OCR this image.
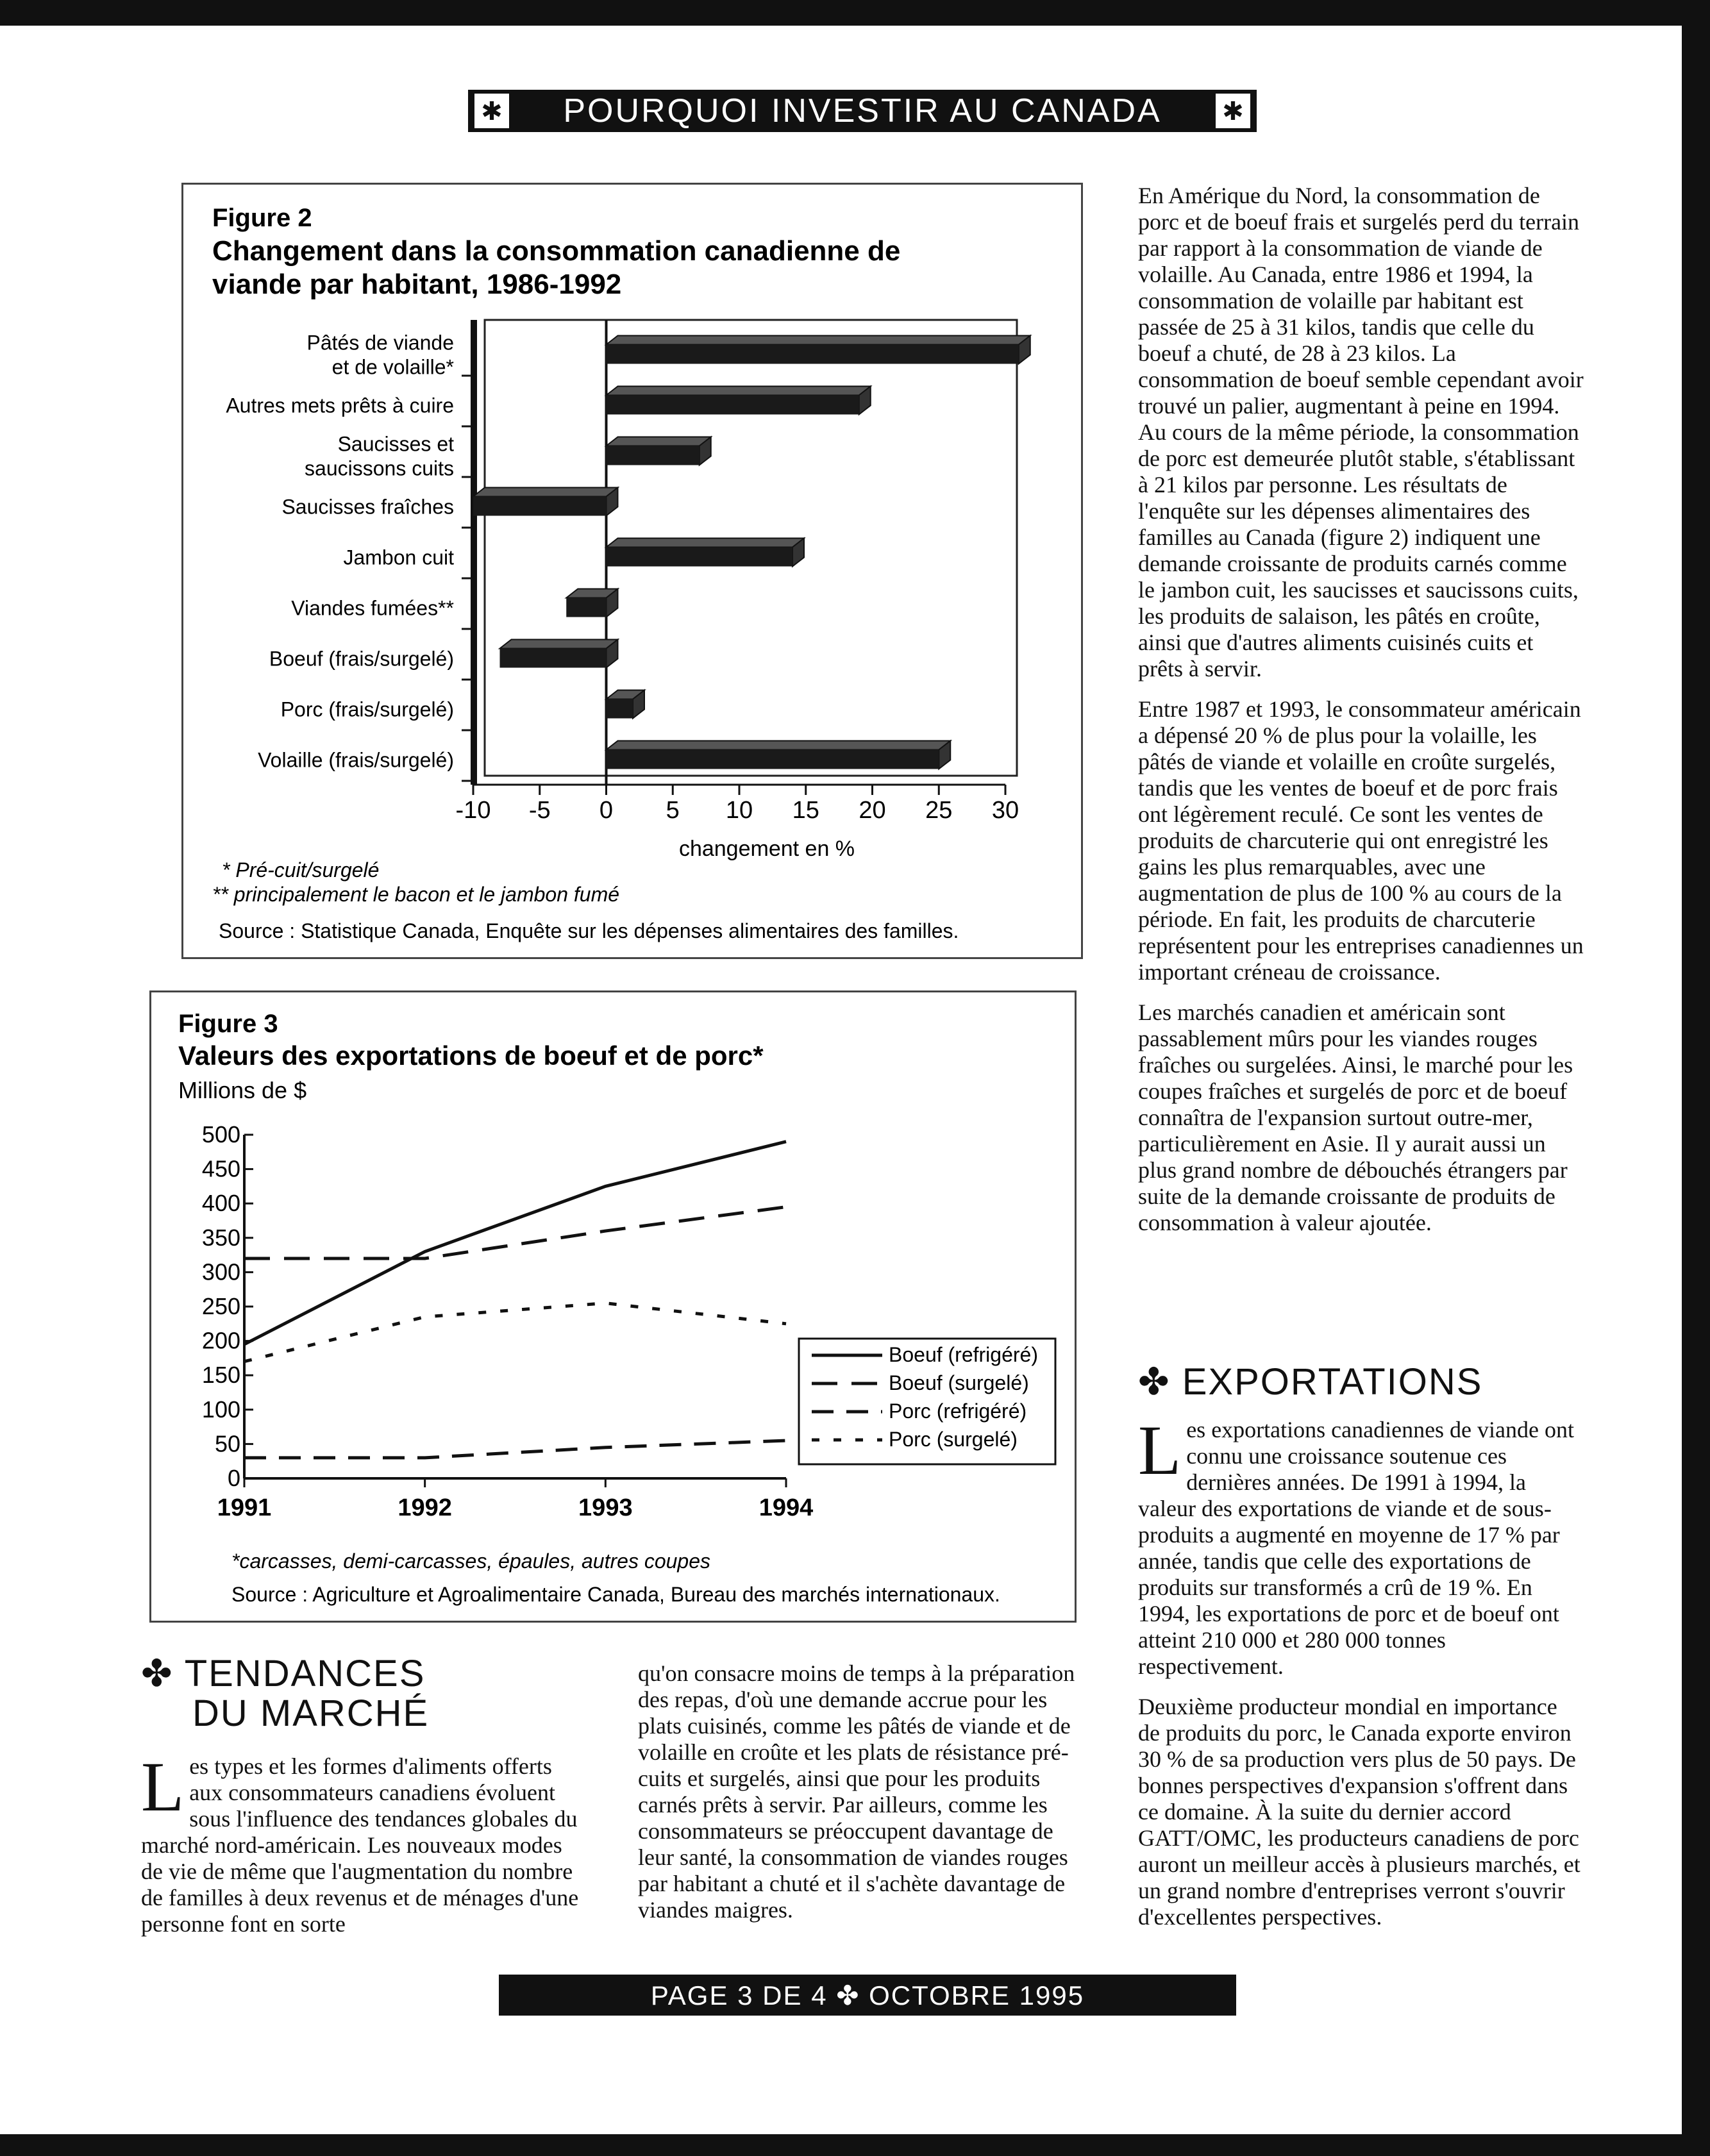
✱
POURQUOI INVESTIR AU CANADA
✱
Figure 2
Changement dans la consommation canadienne de
viande par habitant, 1986-1992
-10 -5 0 5 10 15 20 25 30
Pâtés de viande
et de volaille*
Autres mets prêts à cuire
Saucisses et
saucissons cuits
Saucisses fraîches
Jambon cuit
Viandes fumées**
Boeuf (frais/surgelé)
Porc (frais/surgelé)
Volaille (frais/surgelé)
changement en %
* Pré-cuit/surgelé
** principalement le bacon et le jambon fumé
Source : Statistique Canada, Enquête sur les dépenses alimentaires des familles.
Figure 3
Valeurs des exportations de boeuf et de porc*
Millions de $
500
450
400
350
300
250
200
150
100
50
0
1991	1992	1993	1994
Boeuf (refrigéré)
Boeuf (surgelé)
Porc (refrigéré)
Porc (surgelé)
*carcasses, demi-carcasses, épaules, autres coupes
Source : Agriculture et Agroalimentaire Canada, Bureau des marchés internationaux.

En Amérique du Nord, la consommation de porc et de boeuf frais et surgelés perd du terrain par rapport à la consommation de viande de volaille. Au Canada, entre 1986 et 1994, la consommation de volaille par habitant est passée de 25 à 31 kilos, tandis que celle du boeuf a chuté, de 28 à 23 kilos. La consommation de boeuf semble cependant avoir trouvé un palier, augmentant à peine en 1994. Au cours de la même période, la consommation de porc est demeurée plutôt stable, s'établissant à 21 kilos par personne. Les résultats de l'enquête sur les dépenses alimentaires des familles au Canada (figure 2) indiquent une demande croissante de produits carnés comme le jambon cuit, les saucisses et saucissons cuits, les produits de salaison, les pâtés en croûte, ainsi que d'autres aliments cuisinés cuits et prêts à servir.

Entre 1987 et 1993, le consommateur américain a dépensé 20 % de plus pour la volaille, les pâtés de viande et volaille en croûte surgelés, tandis que les ventes de boeuf et de porc frais ont légèrement reculé. Ce sont les ventes de produits de charcuterie qui ont enregistré les gains les plus remarquables, avec une augmentation de plus de 100 % au cours de la période. En fait, les produits de charcuterie représentent pour les entreprises canadiennes un important créneau de croissance.

Les marchés canadien et américain sont passablement mûrs pour les viandes rouges fraîches ou surgelées. Ainsi, le marché pour les coupes fraîches et surgelés de porc et de boeuf connaîtra de l'expansion surtout outre-mer, particulièrement en Asie. Il y aurait aussi un plus grand nombre de débouchés étrangers par suite de la demande croissante de produits de consommation à valeur ajoutée.

✤ EXPORTATIONS

Les exportations canadiennes de viande ont connu une croissance soutenue ces dernières années. De 1991 à 1994, la valeur des exportations de viande et de sous-produits a augmenté en moyenne de 17 % par année, tandis que celle des exportations de produits sur transformés a crû de 19 %. En 1994, les exportations de porc et de boeuf ont atteint 210 000 et 280 000 tonnes respectivement.

Deuxième producteur mondial en importance de produits du porc, le Canada exporte environ 30 % de sa production vers plus de 50 pays. De bonnes perspectives d'expansion s'offrent dans ce domaine. À la suite du dernier accord GATT/OMC, les producteurs canadiens de porc auront un meilleur accès à plusieurs marchés, et un grand nombre d'entreprises verront s'ouvrir d'excellentes perspectives.

✤ TENDANCES
DU MARCHÉ

Les types et les formes d'aliments offerts aux consommateurs canadiens évoluent sous l'influence des tendances globales du marché nord-américain. Les nouveaux modes de vie de même que l'augmentation du nombre de familles à deux revenus et de ménages d'une personne font en sorte

qu'on consacre moins de temps à la préparation des repas, d'où une demande accrue pour les plats cuisinés, comme les pâtés de viande et de volaille en croûte et les plats de résistance pré-cuits et surgelés, ainsi que pour les produits carnés prêts à servir. Par ailleurs, comme les consommateurs se préoccupent davantage de leur santé, la consommation de viandes rouges par habitant a chuté et il s'achète davantage de viandes maigres.

PAGE 3 DE 4 ✤ OCTOBRE 1995
